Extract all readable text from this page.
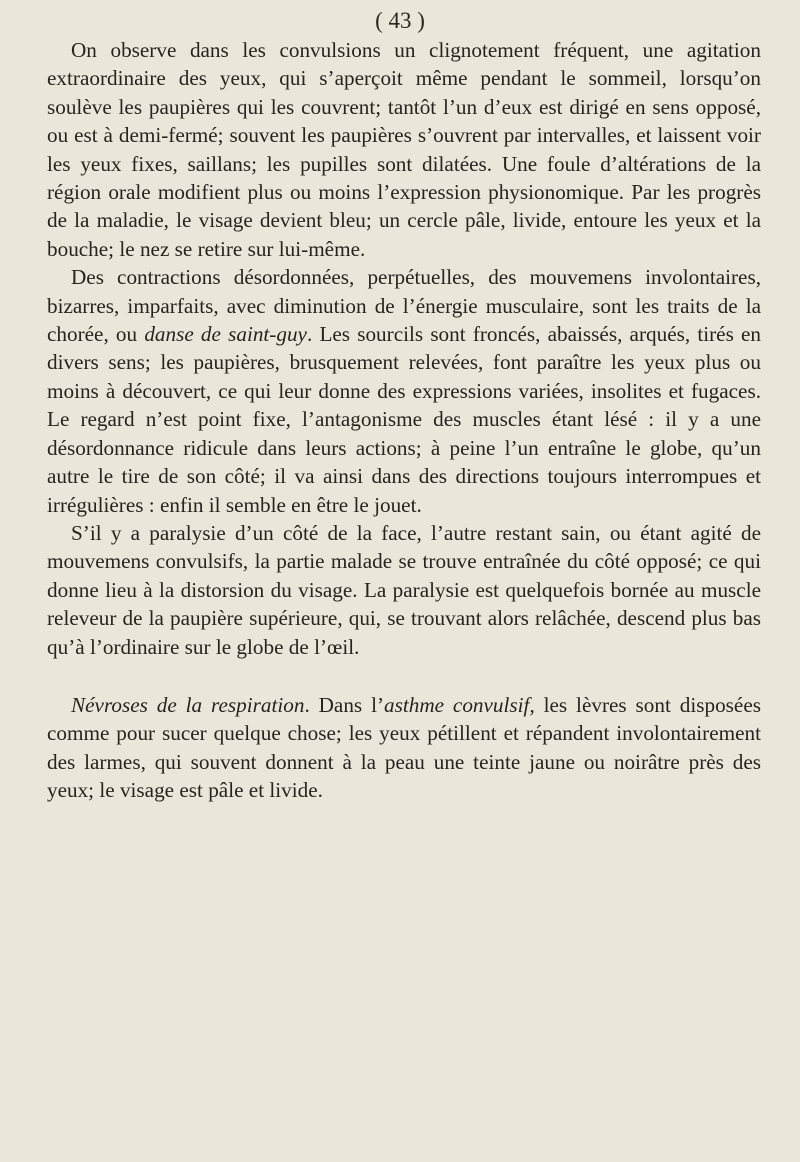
( 43 )

On observe dans les convulsions un clignotement fréquent, une agitation extraordinaire des yeux, qui s’aperçoit même pendant le sommeil, lorsqu’on soulève les paupières qui les couvrent; tantôt l’un d’eux est dirigé en sens opposé, ou est à demi-fermé; souvent les paupières s’ouvrent par intervalles, et laissent voir les yeux fixes, saillans; les pupilles sont dilatées. Une foule d’altérations de la région orale modifient plus ou moins l’expression physionomique. Par les progrès de la maladie, le visage devient bleu; un cercle pâle, livide, entoure les yeux et la bouche; le nez se retire sur lui-même.

Des contractions désordonnées, perpétuelles, des mouvemens involontaires, bizarres, imparfaits, avec diminution de l’énergie musculaire, sont les traits de la chorée, ou danse de saint-guy. Les sourcils sont froncés, abaissés, arqués, tirés en divers sens; les paupières, brusquement relevées, font paraître les yeux plus ou moins à découvert, ce qui leur donne des expressions variées, insolites et fugaces. Le regard n’est point fixe, l’antagonisme des muscles étant lésé : il y a une désordonnance ridicule dans leurs actions; à peine l’un entraîne le globe, qu’un autre le tire de son côté; il va ainsi dans des directions toujours interrompues et irrégulières : enfin il semble en être le jouet.

S’il y a paralysie d’un côté de la face, l’autre restant sain, ou étant agité de mouvemens convulsifs, la partie malade se trouve entraînée du côté opposé; ce qui donne lieu à la distorsion du visage. La paralysie est quelquefois bornée au muscle releveur de la paupière supérieure, qui, se trouvant alors relâchée, descend plus bas qu’à l’ordinaire sur le globe de l’œil.

Névroses de la respiration. Dans l’asthme convulsif, les lèvres sont disposées comme pour sucer quelque chose; les yeux pétillent et répandent involontairement des larmes, qui souvent donnent à la peau une teinte jaune ou noirâtre près des yeux; le visage est pâle et livide.
